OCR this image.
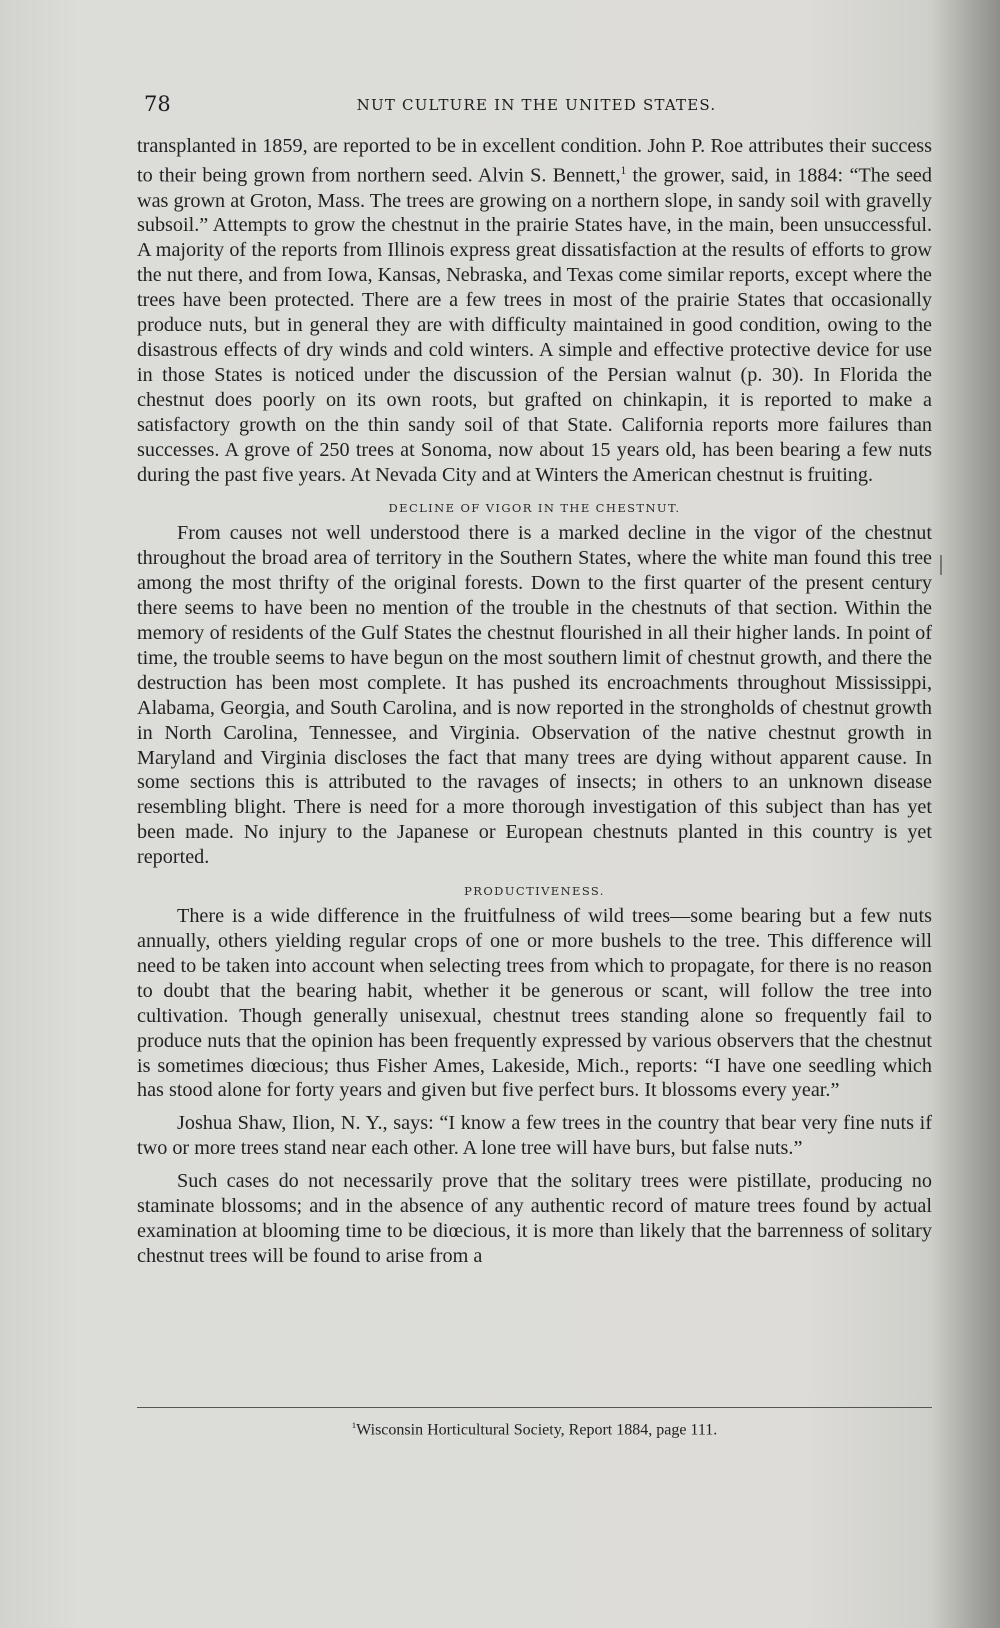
78	NUT CULTURE IN THE UNITED STATES.

transplanted in 1859, are reported to be in excellent condition. John P. Roe attributes their success to their being grown from northern seed. Alvin S. Bennett,$^1$ the grower, said, in 1884: “The seed was grown at Groton, Mass. The trees are growing on a northern slope, in sandy soil with gravelly subsoil.” Attempts to grow the chestnut in the prairie States have, in the main, been unsuccessful. A majority of the reports from Illinois express great dissatisfaction at the results of efforts to grow the nut there, and from Iowa, Kansas, Nebraska, and Texas come similar reports, except where the trees have been protected. There are a few trees in most of the prairie States that occasionally produce nuts, but in general they are with difficulty maintained in good condition, owing to the disastrous effects of dry winds and cold winters. A simple and effective protective device for use in those States is noticed under the discussion of the Persian walnut (p. 30). In Florida the chestnut does poorly on its own roots, but grafted on chinkapin, it is reported to make a satisfactory growth on the thin sandy soil of that State. California reports more failures than successes. A grove of 250 trees at Sonoma, now about 15 years old, has been bearing a few nuts during the past five years. At Nevada City and at Winters the American chestnut is fruiting.

DECLINE OF VIGOR IN THE CHESTNUT.

From causes not well understood there is a marked decline in the vigor of the chestnut throughout the broad area of territory in the Southern States, where the white man found this tree among the most thrifty of the original forests. Down to the first quarter of the present century there seems to have been no mention of the trouble in the chestnuts of that section. Within the memory of residents of the Gulf States the chestnut flourished in all their higher lands. In point of time, the trouble seems to have begun on the most southern limit of chestnut growth, and there the destruction has been most complete. It has pushed its encroachments throughout Mississippi, Alabama, Georgia, and South Carolina, and is now reported in the strongholds of chestnut growth in North Carolina, Tennessee, and Virginia. Observation of the native chestnut growth in Maryland and Virginia discloses the fact that many trees are dying without apparent cause. In some sections this is attributed to the ravages of insects; in others to an unknown disease resembling blight. There is need for a more thorough investigation of this subject than has yet been made. No injury to the Japanese or European chestnuts planted in this country is yet reported.

PRODUCTIVENESS.

There is a wide difference in the fruitfulness of wild trees—some bearing but a few nuts annually, others yielding regular crops of one or more bushels to the tree. This difference will need to be taken into account when selecting trees from which to propagate, for there is no reason to doubt that the bearing habit, whether it be generous or scant, will follow the tree into cultivation. Though generally unisexual, chestnut trees standing alone so frequently fail to produce nuts that the opinion has been frequently expressed by various observers that the chestnut is sometimes diœcious; thus Fisher Ames, Lakeside, Mich., reports: “I have one seedling which has stood alone for forty years and given but five perfect burs. It blossoms every year.”

Joshua Shaw, Ilion, N. Y., says: “I know a few trees in the country that bear very fine nuts if two or more trees stand near each other. A lone tree will have burs, but false nuts.”

Such cases do not necessarily prove that the solitary trees were pistillate, producing no staminate blossoms; and in the absence of any authentic record of mature trees found by actual examination at blooming time to be diœcious, it is more than likely that the barrenness of solitary chestnut trees will be found to arise from a

$^1$Wisconsin Horticultural Society, Report 1884, page 111.
